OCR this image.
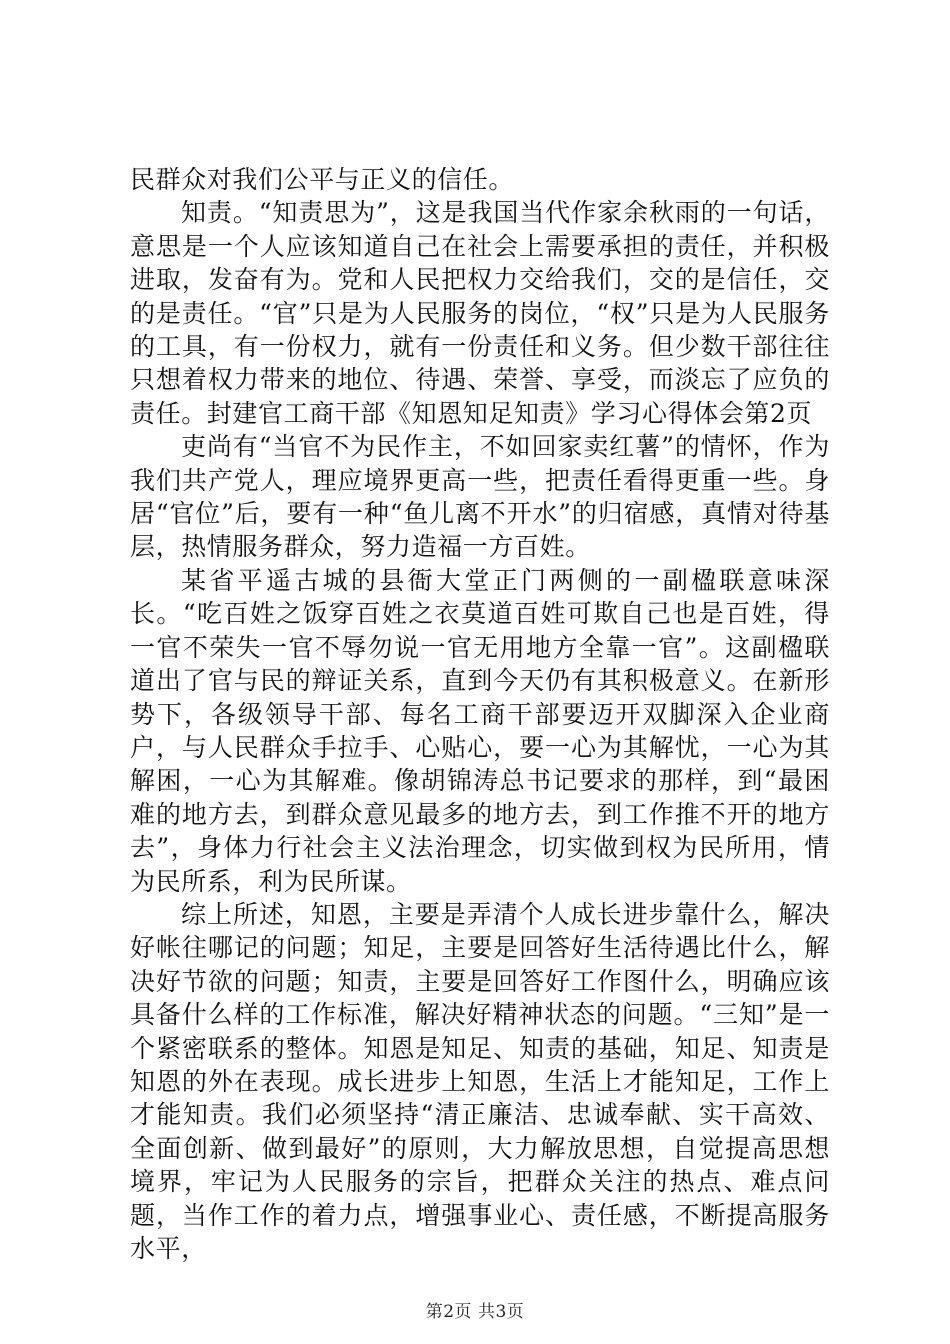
民群众对我们公平与正义的信任。

知责。“知责思为”，这是我国当代作家余秋雨的一句话，意思是一个人应该知道自己在社会上需要承担的责任，并积极进取，发奋有为。党和人民把权力交给我们，交的是信任，交的是责任。“官”只是为人民服务的岗位，“权”只是为人民服务的工具，有一份权力，就有一份责任和义务。但少数干部往往只想着权力带来的地位、待遇、荣誉、享受，而淡忘了应负的责任。封建官工商干部《知恩知足知责》学习心得体会第2页

吏尚有“当官不为民作主，不如回家卖红薯”的情怀，作为我们共产党人，理应境界更高一些，把责任看得更重一些。身居“官位”后，要有一种“鱼儿离不开水”的归宿感，真情对待基层，热情服务群众，努力造福一方百姓。

某省平遥古城的县衙大堂正门两侧的一副楹联意味深长。“吃百姓之饭穿百姓之衣莫道百姓可欺自己也是百姓，得一官不荣失一官不辱勿说一官无用地方全靠一官”。这副楹联道出了官与民的辩证关系，直到今天仍有其积极意义。在新形势下，各级领导干部、每名工商干部要迈开双脚深入企业商户，与人民群众手拉手、心贴心，要一心为其解忧，一心为其解困，一心为其解难。像胡锦涛总书记要求的那样，到“最困难的地方去，到群众意见最多的地方去，到工作推不开的地方去”，身体力行社会主义法治理念，切实做到权为民所用，情为民所系，利为民所谋。

综上所述，知恩，主要是弄清个人成长进步靠什么，解决好帐往哪记的问题；知足，主要是回答好生活待遇比什么，解决好节欲的问题；知责，主要是回答好工作图什么，明确应该具备什么样的工作标准，解决好精神状态的问题。“三知”是一个紧密联系的整体。知恩是知足、知责的基础，知足、知责是知恩的外在表现。成长进步上知恩，生活上才能知足，工作上才能知责。我们必须坚持“清正廉洁、忠诚奉献、实干高效、全面创新、做到最好”的原则，大力解放思想，自觉提高思想境界，牢记为人民服务的宗旨，把群众关注的热点、难点问题，当作工作的着力点，增强事业心、责任感，不断提高服务水平，

第2页 共3页
